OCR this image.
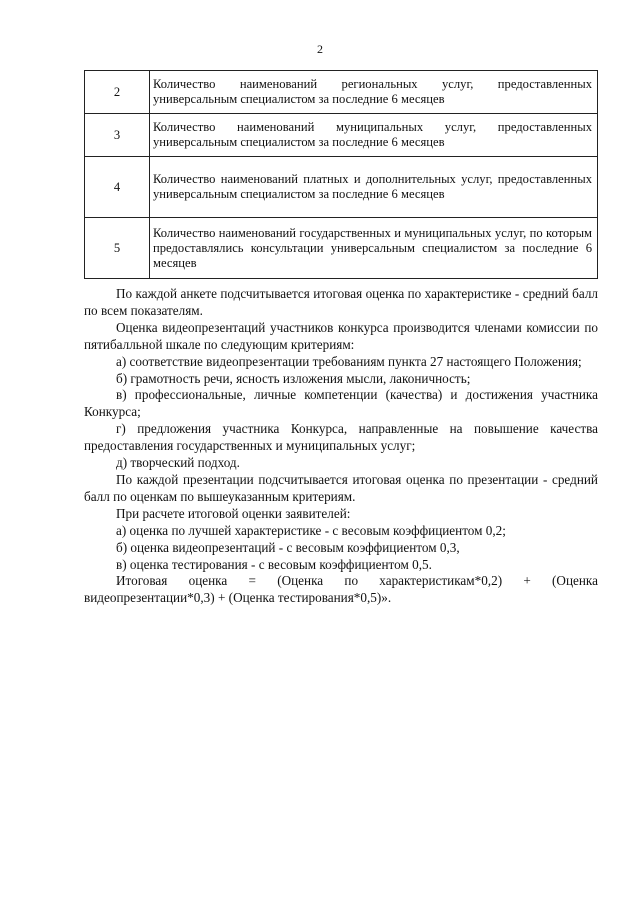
2
2	Количество наименований региональных услуг, предоставленных универсальным специалистом за последние 6 месяцев
3	Количество наименований муниципальных услуг, предоставленных универсальным специалистом за последние 6 месяцев
4	Количество наименований платных и дополнительных услуг, предоставленных универсальным специалистом за последние 6 месяцев
5	Количество наименований государственных и муниципальных услуг, по которым предоставлялись консультации универсальным специалистом за последние 6 месяцев

По каждой анкете подсчитывается итоговая оценка по характеристике - средний балл по всем показателям.

Оценка видеопрезентаций участников конкурса производится членами комиссии по пятибалльной шкале по следующим критериям:

а) соответствие видеопрезентации требованиям пункта 27 настоящего Положения;

б) грамотность речи, ясность изложения мысли, лаконичность;

в) профессиональные, личные компетенции (качества) и достижения участника Конкурса;

г) предложения участника Конкурса, направленные на повышение качества предоставления государственных и муниципальных услуг;

д) творческий подход.

По каждой презентации подсчитывается итоговая оценка по презентации - средний балл по оценкам по вышеуказанным критериям.

При расчете итоговой оценки заявителей:

а) оценка по лучшей характеристике - с весовым коэффициентом 0,2;

б) оценка видеопрезентаций - с весовым коэффициентом 0,3,

в) оценка тестирования - с весовым коэффициентом 0,5.

Итоговая оценка = (Оценка по характеристикам*0,2) + (Оценка видеопрезентации*0,3) + (Оценка тестирования*0,5)».
